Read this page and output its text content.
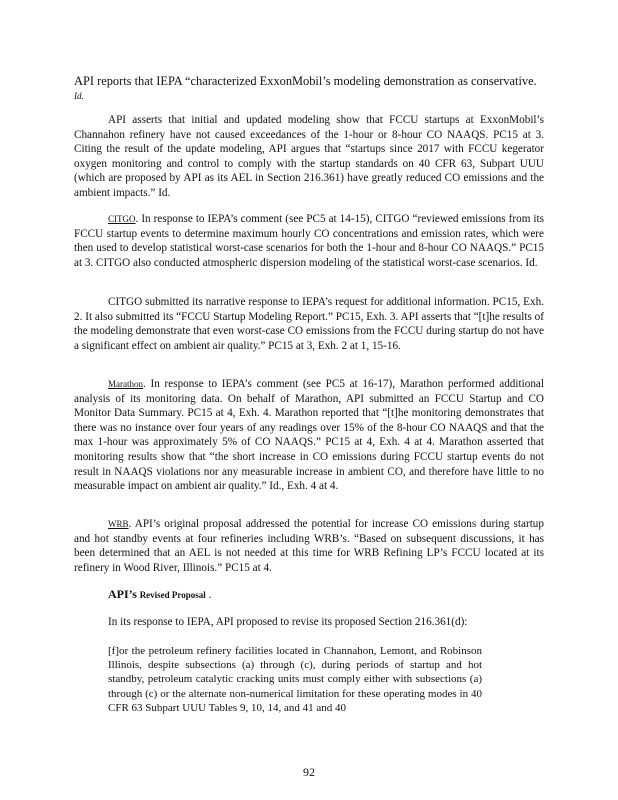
API reports that IEPA “characterized ExxonMobil’s modeling demonstration as conservative.

Id.

API asserts that initial and updated modeling show that FCCU startups at ExxonMobil’s Channahon refinery have not caused exceedances of the 1-hour or 8-hour CO NAAQS. PC15 at 3. Citing the result of the update modeling, API argues that “startups since 2017 with FCCU kegerator oxygen monitoring and control to comply with the startup standards on 40 CFR 63, Subpart UUU (which are proposed by API as its AEL in Section 216.361) have greatly reduced CO emissions and the ambient impacts.” Id.

CITGO. In response to IEPA’s comment (see PC5 at 14-15), CITGO “reviewed emissions from its FCCU startup events to determine maximum hourly CO concentrations and emission rates, which were then used to develop statistical worst-case scenarios for both the 1-hour and 8-hour CO NAAQS.” PC15 at 3. CITGO also conducted atmospheric dispersion modeling of the statistical worst-case scenarios. Id.

CITGO submitted its narrative response to IEPA’s request for additional information. PC15, Exh. 2. It also submitted its “FCCU Startup Modeling Report.” PC15, Exh. 3. API asserts that “[t]he results of the modeling demonstrate that even worst-case CO emissions from the FCCU during startup do not have a significant effect on ambient air quality.” PC15 at 3, Exh. 2 at 1, 15-16.

Marathon. In response to IEPA’s comment (see PC5 at 16-17), Marathon performed additional analysis of its monitoring data. On behalf of Marathon, API submitted an FCCU Startup and CO Monitor Data Summary. PC15 at 4, Exh. 4. Marathon reported that “[t]he monitoring demonstrates that there was no instance over four years of any readings over 15% of the 8-hour CO NAAQS and that the max 1-hour was approximately 5% of CO NAAQS.” PC15 at 4, Exh. 4 at 4. Marathon asserted that monitoring results show that “the short increase in CO emissions during FCCU startup events do not result in NAAQS violations nor any measurable increase in ambient CO, and therefore have little to no measurable impact on ambient air quality.” Id., Exh. 4 at 4.

WRB. API’s original proposal addressed the potential for increase CO emissions during startup and hot standby events at four refineries including WRB’s. “Based on subsequent discussions, it has been determined that an AEL is not needed at this time for WRB Refining LP’s FCCU located at its refinery in Wood River, Illinois.” PC15 at 4.

API’s Revised Proposal .

In its response to IEPA, API proposed to revise its proposed Section 216.361(d):

[f]or the petroleum refinery facilities located in Channahon, Lemont, and Robinson Illinois, despite subsections (a) through (c), during periods of startup and hot standby, petroleum catalytic cracking units must comply either with subsections (a) through (c) or the alternate non-numerical limitation for these operating modes in 40 CFR 63 Subpart UUU Tables 9, 10, 14, and 41 and 40

92
